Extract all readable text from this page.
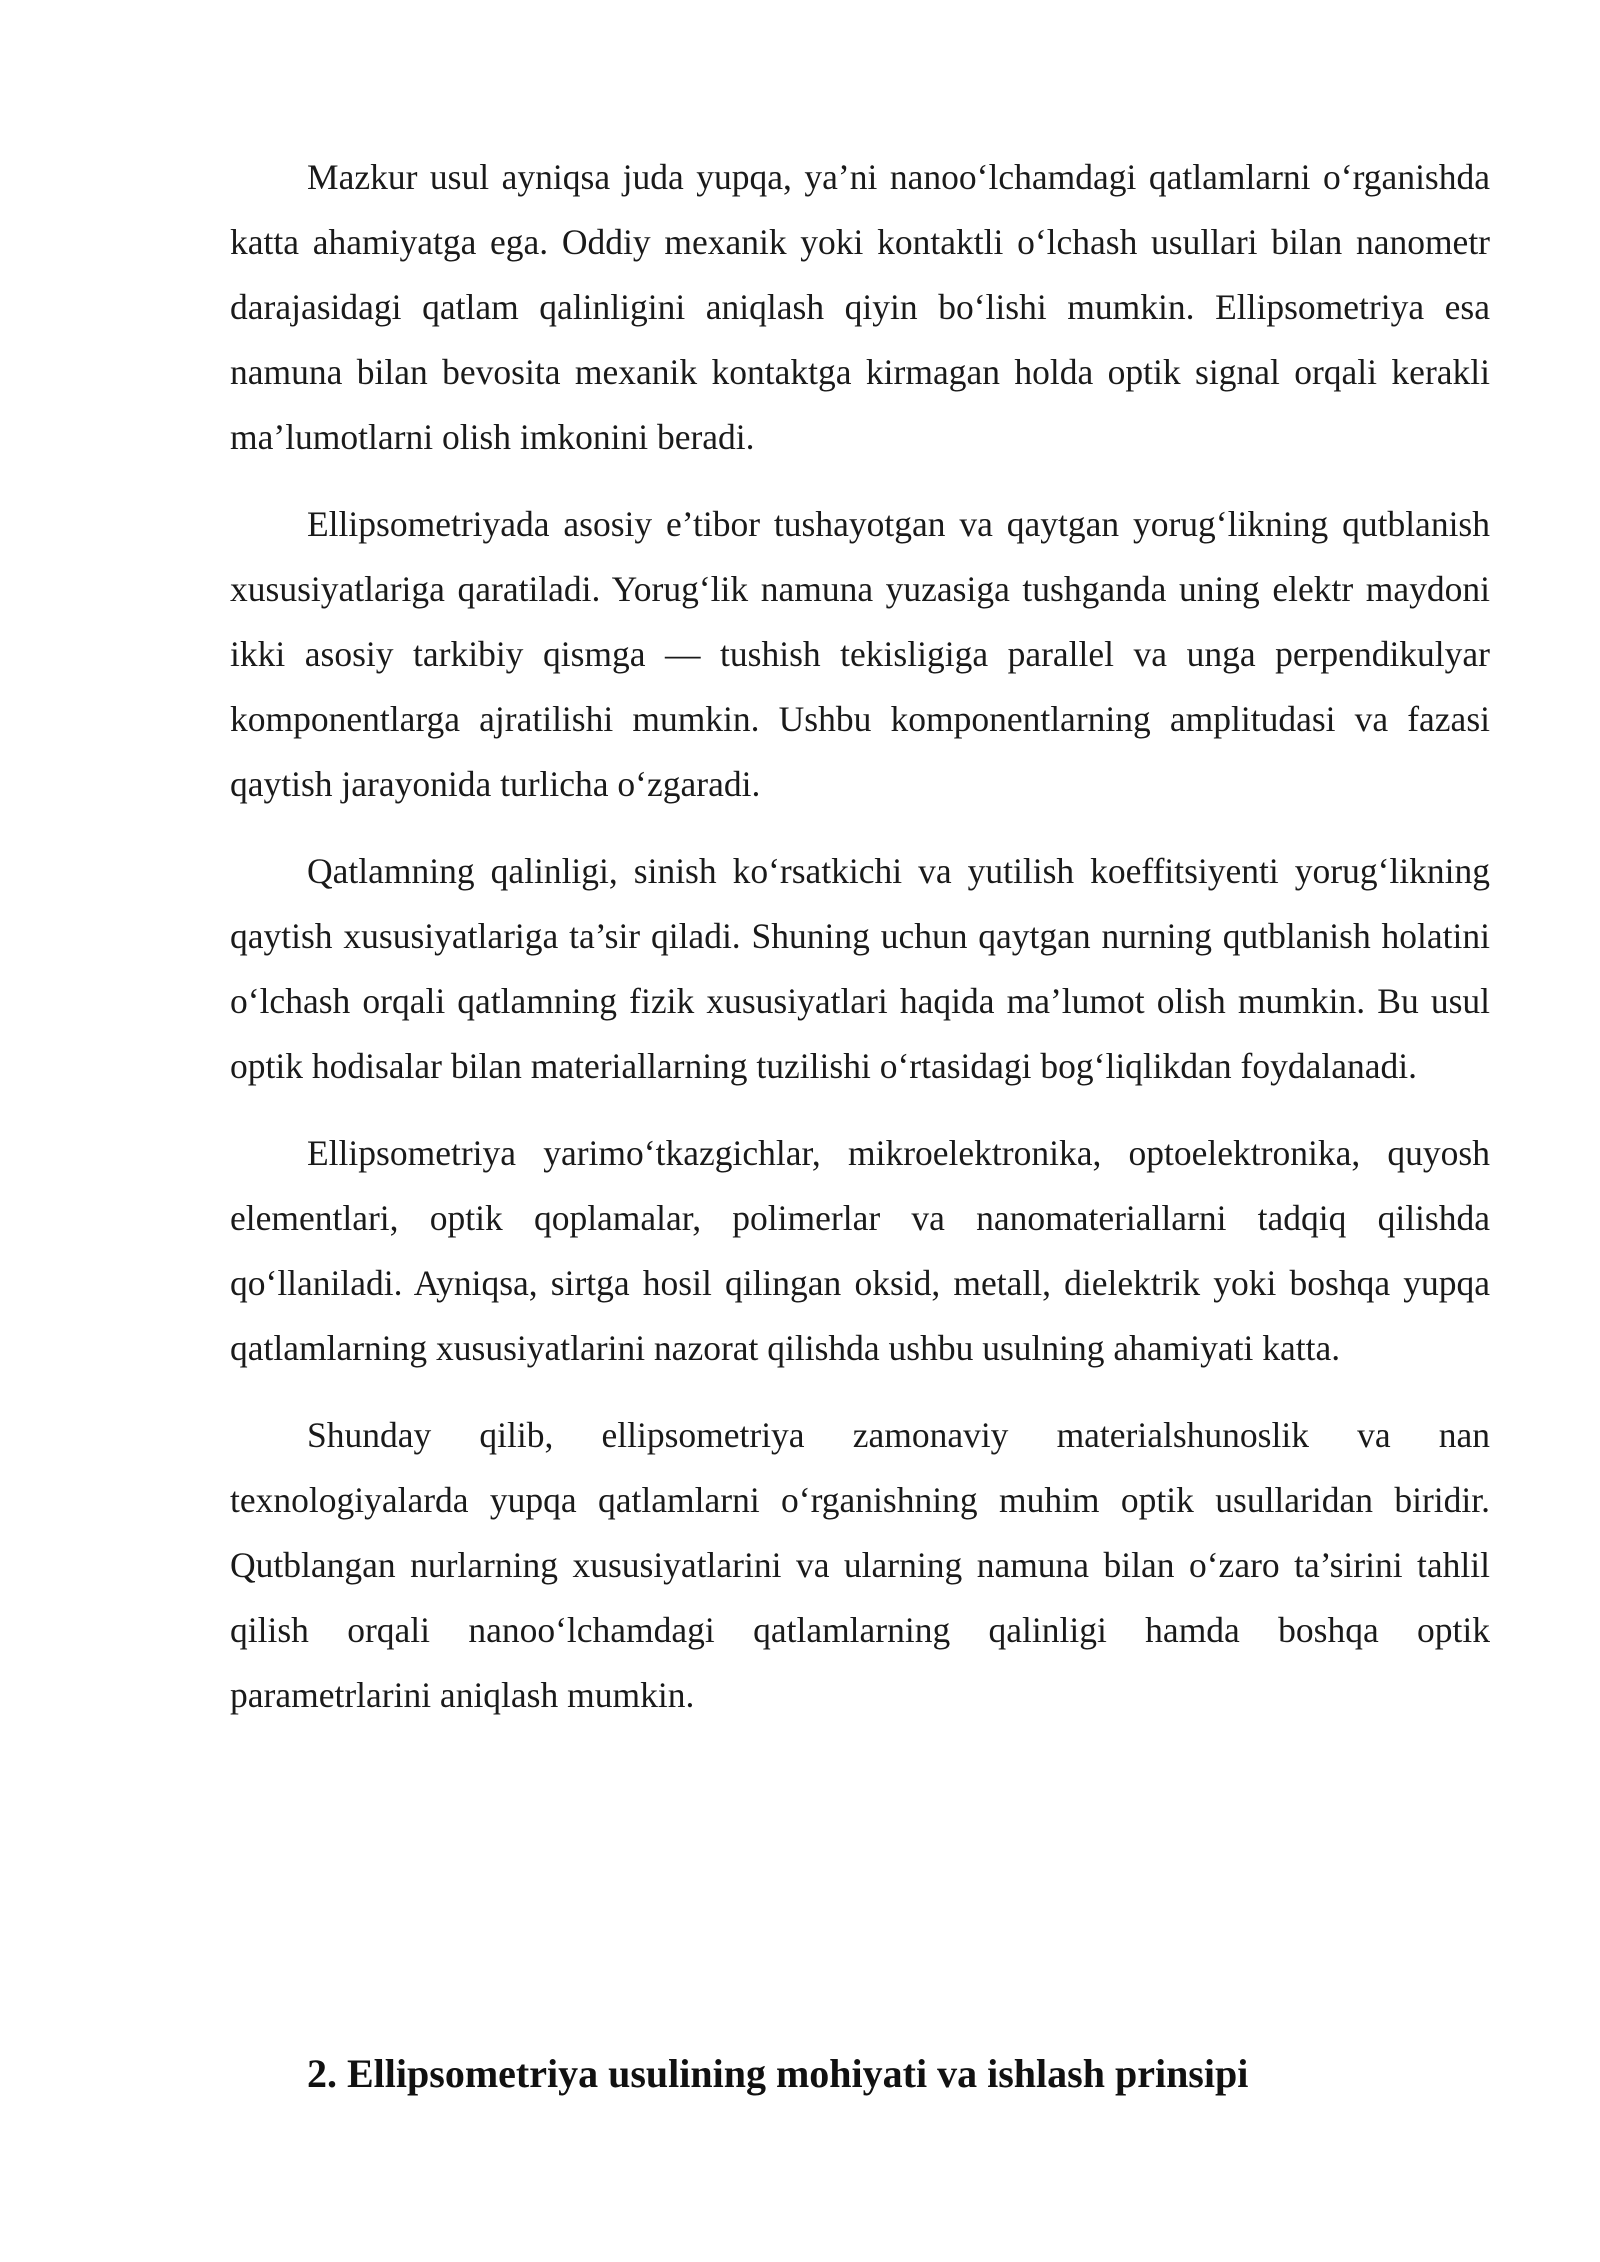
Mazkur usul ayniqsa juda yupqa, ya’ni nanoo‘lchamdagi qatlamlarni o‘rganishda katta ahamiyatga ega. Oddiy mexanik yoki kontaktli o‘lchash usullari bilan nanometr darajasidagi qatlam qalinligini aniqlash qiyin bo‘lishi mumkin. Ellipsometriya esa namuna bilan bevosita mexanik kontaktga kirmagan holda optik signal orqali kerakli ma’lumotlarni olish imkonini beradi.

Ellipsometriyada asosiy e’tibor tushayotgan va qaytgan yorug‘likning qutblanish xususiyatlariga qaratiladi. Yorug‘lik namuna yuzasiga tushganda uning elektr maydoni ikki asosiy tarkibiy qismga — tushish tekisligiga parallel va unga perpendikulyar komponentlarga ajratilishi mumkin. Ushbu komponentlarning amplitudasi va fazasi qaytish jarayonida turlicha o‘zgaradi.

Qatlamning qalinligi, sinish ko‘rsatkichi va yutilish koeffitsiyenti yorug‘likning qaytish xususiyatlariga ta’sir qiladi. Shuning uchun qaytgan nurning qutblanish holatini o‘lchash orqali qatlamning fizik xususiyatlari haqida ma’lumot olish mumkin. Bu usul optik hodisalar bilan materiallarning tuzilishi o‘rtasidagi bog‘liqlikdan foydalanadi.

Ellipsometriya yarimo‘tkazgichlar, mikroelektronika, optoelektronika, quyosh elementlari, optik qoplamalar, polimerlar va nanomateriallarni tadqiq qilishda qo‘llaniladi. Ayniqsa, sirtga hosil qilingan oksid, metall, dielektrik yoki boshqa yupqa qatlamlarning xususiyatlarini nazorat qilishda ushbu usulning ahamiyati katta.

Shunday qilib, ellipsometriya zamonaviy materialshunoslik va nan texnologiyalarda yupqa qatlamlarni o‘rganishning muhim optik usullaridan biridir. Qutblangan nurlarning xususiyatlarini va ularning namuna bilan o‘zaro ta’sirini tahlil qilish orqali nanoo‘lchamdagi qatlamlarning qalinligi hamda boshqa optik parametrlarini aniqlash mumkin.

2. Ellipsometriya usulining mohiyati va ishlash prinsipi
